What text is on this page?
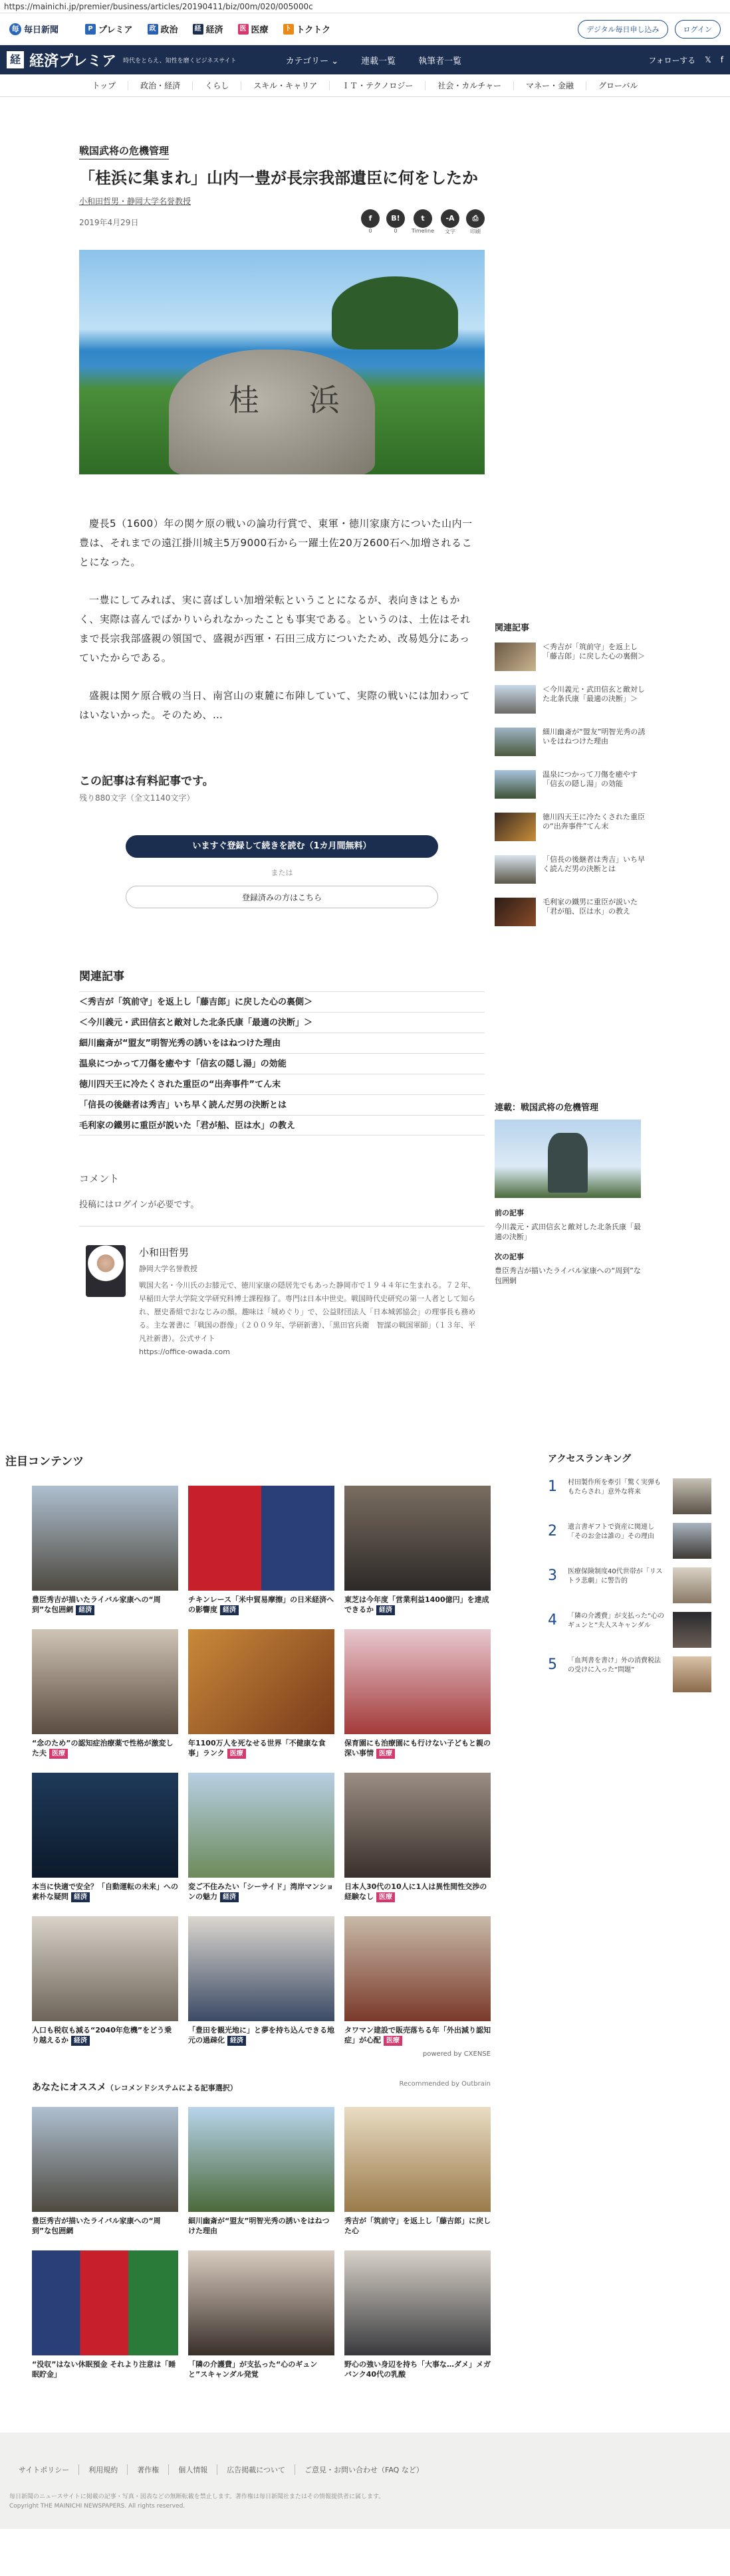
https://mainichi.jp/premier/business/articles/20190411/biz/00m/020/005000c
毎 毎日新聞	P プレミア	政 政治	経 経済	医 医療	ト トクトク	デジタル毎日申し込み	ログイン
経 経済プレミア 時代をとらえ、知性を磨くビジネスサイト	カテゴリー ⌄	連載一覧	執筆者一覧	フォローする 𝕏 f
トップ	政治・経済	くらし	スキル・キャリア	ＩＴ・テクノロジー	社会・カルチャー	マネー・金融	グローバル
戦国武将の危機管理
「桂浜に集まれ」山内一豊が長宗我部遺臣に何をしたか
小和田哲男・静岡大学名誉教授
2019年4月29日	f
0
B!
0
t
Timeline
-A
文字
⎙
印刷
桂 浜

慶長5（1600）年の関ケ原の戦いの論功行賞で、東軍・徳川家康方についた山内一豊は、それまでの遠江掛川城主5万9000石から一躍土佐20万2600石へ加増されることになった。

一豊にしてみれば、実に喜ばしい加増栄転ということになるが、表向きはともかく、実際は喜んでばかりいられなかったことも事実である。というのは、土佐はそれまで長宗我部盛親の領国で、盛親が西軍・石田三成方についたため、改易処分にあっていたからである。

盛親は関ケ原合戦の当日、南宮山の東麓に布陣していて、実際の戦いには加わってはいないかった。そのため、…

この記事は有料記事です。
残り880文字（全文1140文字）
いますぐ登録して続きを読む（1カ月間無料）
または
登録済みの方はこちら
関連記事
＜秀吉が「筑前守」を返上し「藤吉郎」に戻した心の裏側＞
＜今川義元・武田信玄と敵対した北条氏康「最適の決断」＞
細川幽斎が“盟友”明智光秀の誘いをはねつけた理由
温泉につかって刀傷を癒やす「信玄の隠し湯」の効能
徳川四天王に冷たくされた重臣の“出奔事件”てん末
「信長の後継者は秀吉」いち早く読んだ男の決断とは
毛利家の鐵男に重臣が説いた「君が船、臣は水」の教え
コメント
投稿にはログインが必要です。
小和田哲男
静岡大学名誉教授
戦国大名・今川氏のお膝元で、徳川家康の隠居先でもあった静岡市で１９４４年に生まれる。７２年、早稲田大学大学院文学研究科博士課程修了。専門は日本中世史。戦国時代史研究の第一人者として知られ、歴史番組でおなじみの顔。趣味は「城めぐり」で、公益財団法人「日本城郭協会」の理事長も務める。主な著書に「戦国の群像」（２００９年、学研新書）、「黒田官兵衛　智謀の戦国軍師」（１３年、平凡社新書）。公式サイト
https://office-owada.com
関連記事
＜秀吉が「筑前守」を返上し「藤吉郎」に戻した心の裏側＞
＜今川義元・武田信玄と敵対した北条氏康「最適の決断」＞
細川幽斎が“盟友”明智光秀の誘いをはねつけた理由
温泉につかって刀傷を癒やす「信玄の隠し湯」の効能
徳川四天王に冷たくされた重臣の“出奔事件”てん末
「信長の後継者は秀吉」いち早く読んだ男の決断とは
毛利家の鐵男に重臣が説いた「君が船、臣は水」の教え
連載：戦国武将の危機管理
前の記事
今川義元・武田信玄と敵対した北条氏康「最適の決断」
次の記事
豊臣秀吉が描いたライバル家康への“周到”な包囲網
注目コンテンツ
豊臣秀吉が描いたライバル家康への“周到”な包囲網 経済
チキンレース「米中貿易摩擦」の日米経済への影響度 経済
東芝は今年度「営業利益1400億円」を達成できるか 経済
“念のため”の認知症治療薬で性格が激変した夫 医療
年1100万人を死なせる世界「不健康な食事」ランク 医療
保育園にも治療園にも行けない子どもと親の深い事情 医療
本当に快適で安全？「自動運転の未来」への素朴な疑問 経済
変ご不住みたい「シーサイド」湾岸マンションの魅力 経済
日本人30代の10人に1人は異性間性交渉の経験なし 医療
人口も税収も減る“2040年危機”をどう乗り越えるか 経済
「豊田を観光地に」と夢を持ち込んできる地元の過疎化 経済
タワマン建設で販売落ちる年「外出減り認知症」が心配 医療
powered by CXENSE
アクセスランキング
1	村田製作所を牽引「驚く実弾ももたらされ」意外な将来
2	遺言書ギフトで資産に関連し「そのお金は誰の」その理由
3	医療保険制度40代世帯が「リストラ悲劇」に警告的
4	「隣の介護費」が支払った“心のギュンと”夫人スキャンダル
5	「血判書を書け」外の消費税法の受けに入った“問題”
あなたにオススメ（レコメンドシステムによる記事選択）	Recommended by Outbrain
豊臣秀吉が描いたライバル家康への“周到”な包囲網
細川幽斎が“盟友”明智光秀の誘いをはねつけた理由
秀吉が「筑前守」を返上し「藤吉郎」に戻した心
“没収”はない休眠預金 それより注意は「睡眠貯金」
「隣の介護費」が支払った“心のギュンと”スキャンダル発覚
野心の強い身辺を持ち「大事な…ダメ」メガバンク40代の乳酸
サイトポリシー	利用規約	著作権	個人情報	広告掲載について	ご意見・お問い合わせ（FAQ など）
毎日新聞のニュースサイトに掲載の記事・写真・図表などの無断転載を禁止します。著作権は毎日新聞社またはその情報提供者に属します。
Copyright THE MAINICHI NEWSPAPERS. All rights reserved.
